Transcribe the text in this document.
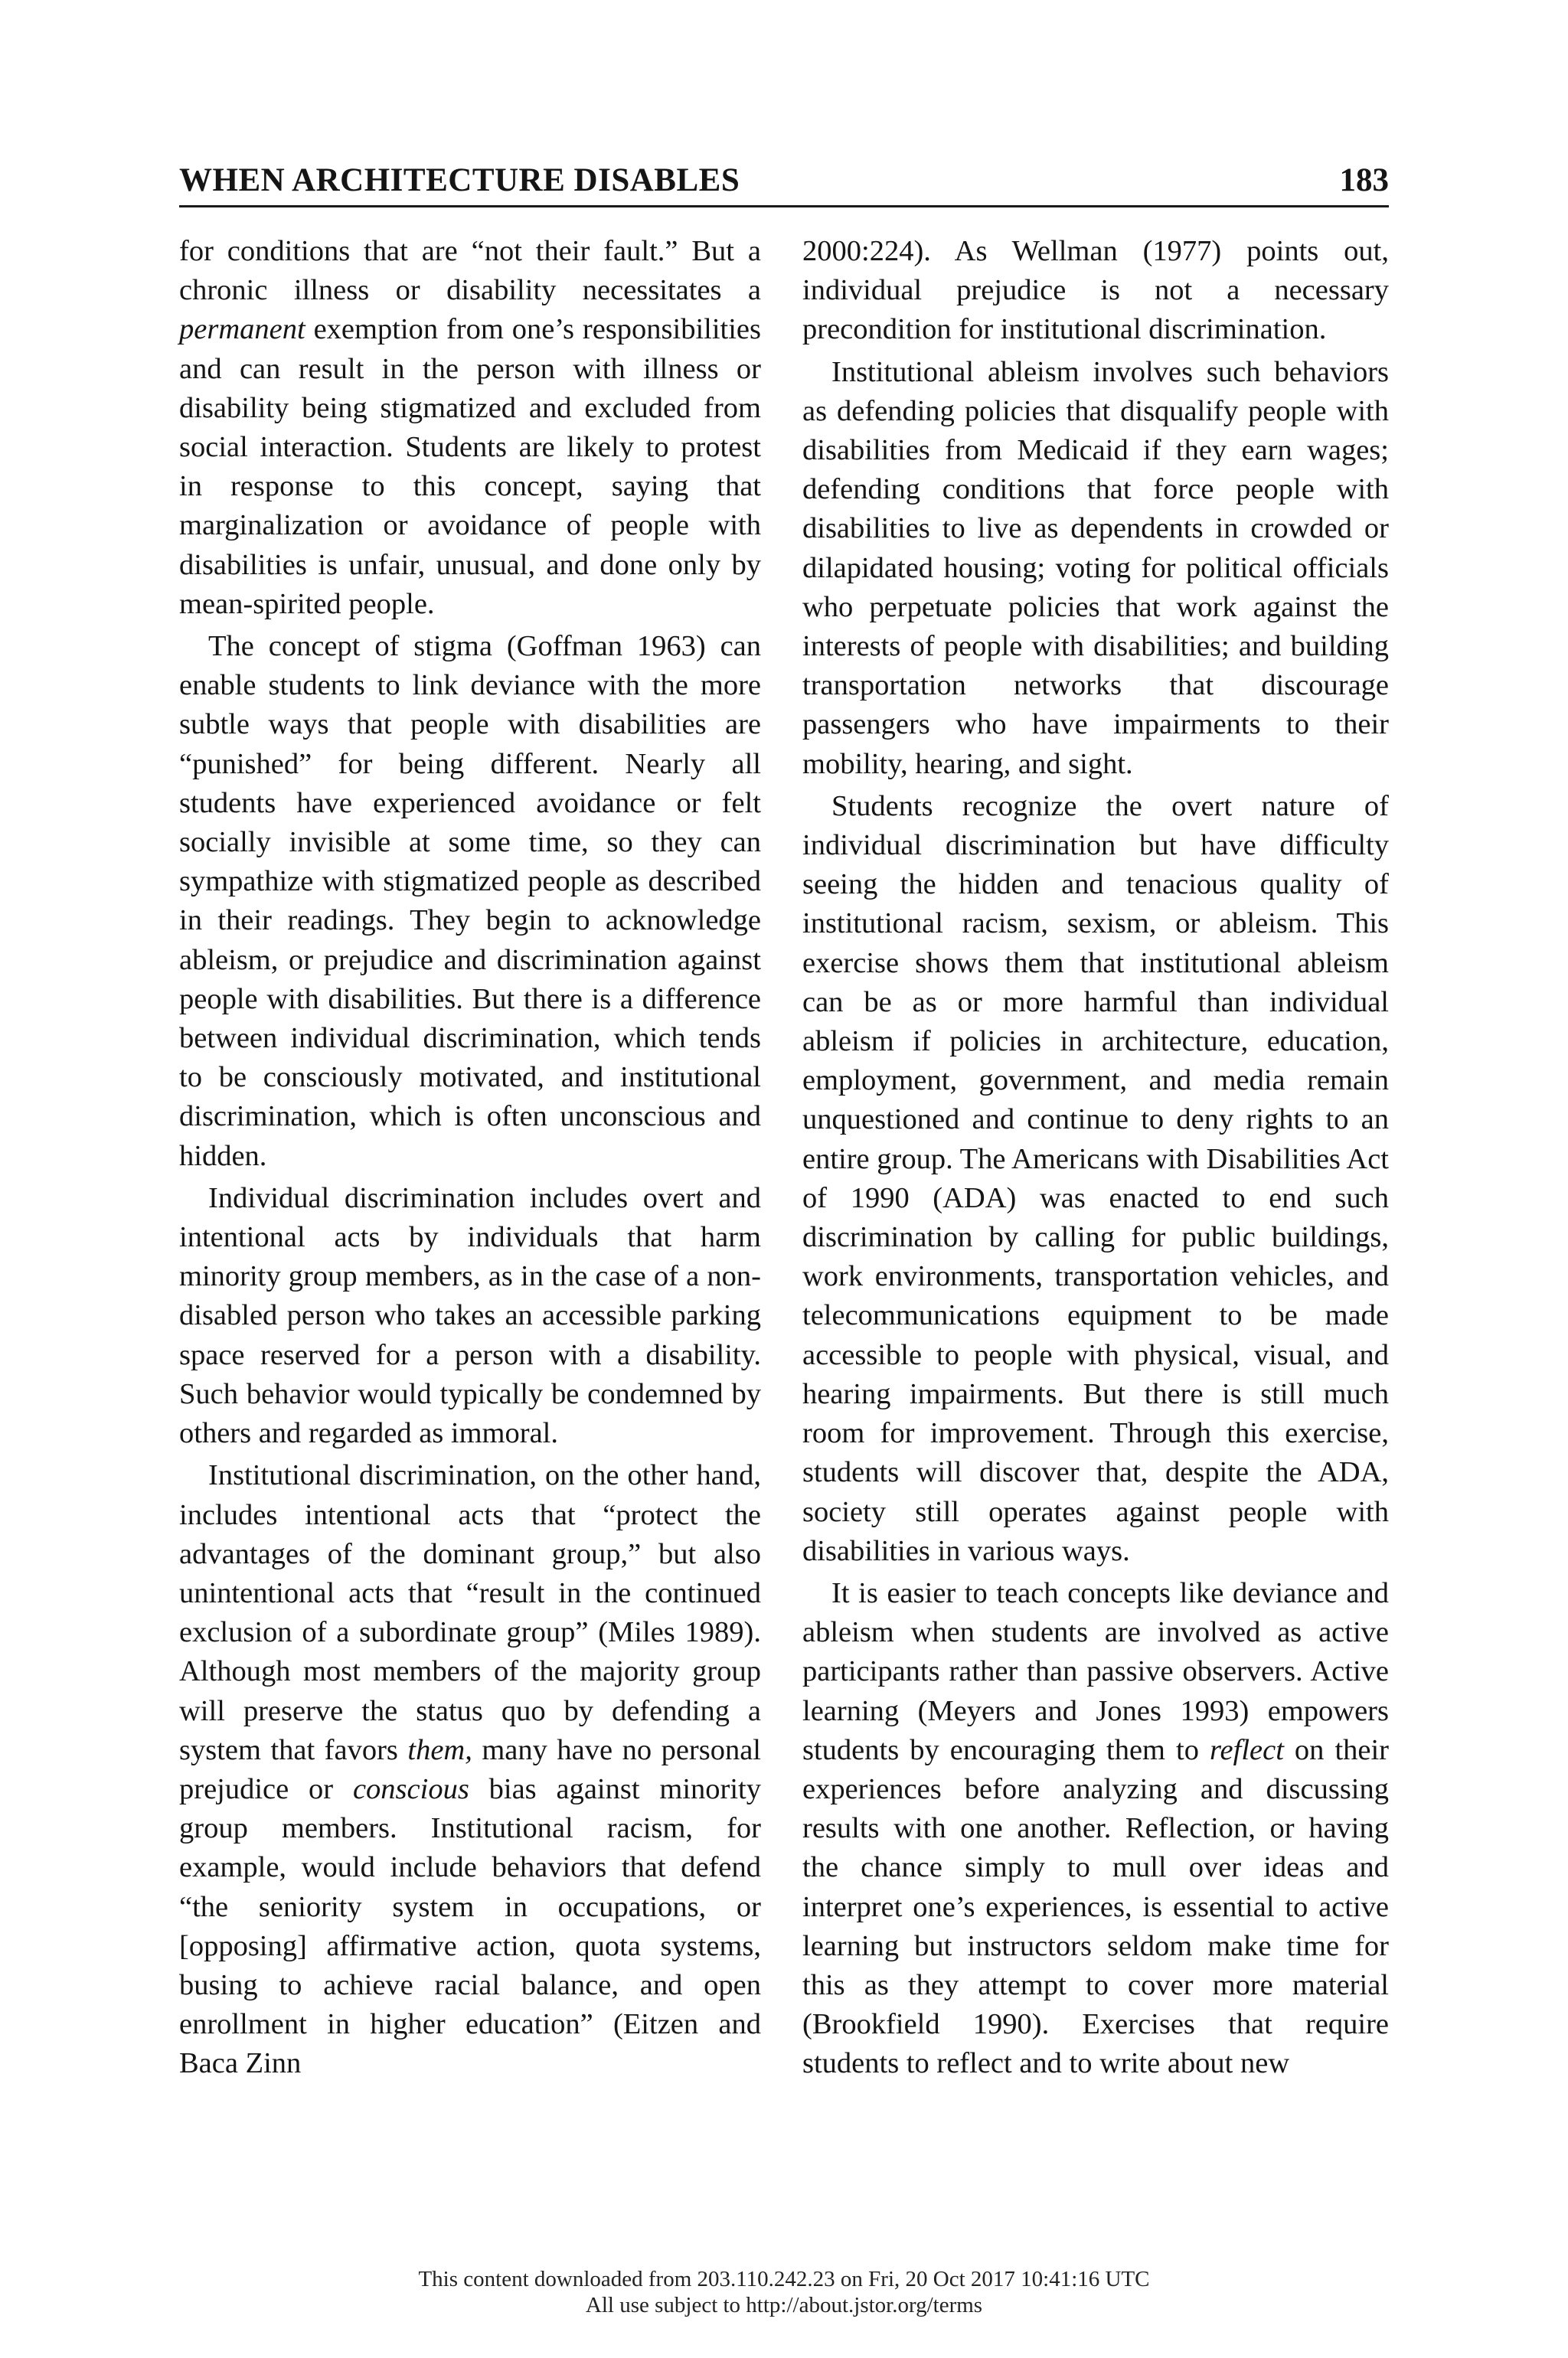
WHEN ARCHITECTURE DISABLES	183

for conditions that are “not their fault.” But a chronic illness or disability necessitates a permanent exemption from one’s responsibilities and can result in the person with illness or disability being stigmatized and excluded from social interaction. Students are likely to protest in response to this concept, saying that marginalization or avoidance of people with disabilities is unfair, unusual, and done only by mean-spirited people.

The concept of stigma (Goffman 1963) can enable students to link deviance with the more subtle ways that people with disabilities are “punished” for being different. Nearly all students have experienced avoidance or felt socially invisible at some time, so they can sympathize with stigmatized people as described in their readings. They begin to acknowledge ableism, or prejudice and discrimination against people with disabilities. But there is a difference between individual discrimination, which tends to be consciously motivated, and institutional discrimination, which is often unconscious and hidden.

Individual discrimination includes overt and intentional acts by individuals that harm minority group members, as in the case of a non-disabled person who takes an accessible parking space reserved for a person with a disability. Such behavior would typically be condemned by others and regarded as immoral.

Institutional discrimination, on the other hand, includes intentional acts that “protect the advantages of the dominant group,” but also unintentional acts that “result in the continued exclusion of a subordinate group” (Miles 1989). Although most members of the majority group will preserve the status quo by defending a system that favors them, many have no personal prejudice or conscious bias against minority group members. Institutional racism, for example, would include behaviors that defend “the seniority system in occupations, or [opposing] affirmative action, quota systems, busing to achieve racial balance, and open enrollment in higher education” (Eitzen and Baca Zinn

2000:224). As Wellman (1977) points out, individual prejudice is not a necessary precondition for institutional discrimination.

Institutional ableism involves such behaviors as defending policies that disqualify people with disabilities from Medicaid if they earn wages; defending conditions that force people with disabilities to live as dependents in crowded or dilapidated housing; voting for political officials who perpetuate policies that work against the interests of people with disabilities; and building transportation networks that discourage passengers who have impairments to their mobility, hearing, and sight.

Students recognize the overt nature of individual discrimination but have difficulty seeing the hidden and tenacious quality of institutional racism, sexism, or ableism. This exercise shows them that institutional ableism can be as or more harmful than individual ableism if policies in architecture, education, employment, government, and media remain unquestioned and continue to deny rights to an entire group. The Americans with Disabilities Act of 1990 (ADA) was enacted to end such discrimination by calling for public buildings, work environments, transportation vehicles, and telecommunications equipment to be made accessible to people with physical, visual, and hearing impairments. But there is still much room for improvement. Through this exercise, students will discover that, despite the ADA, society still operates against people with disabilities in various ways.

It is easier to teach concepts like deviance and ableism when students are involved as active participants rather than passive observers. Active learning (Meyers and Jones 1993) empowers students by encouraging them to reflect on their experiences before analyzing and discussing results with one another. Reflection, or having the chance simply to mull over ideas and interpret one’s experiences, is essential to active learning but instructors seldom make time for this as they attempt to cover more material (Brookfield 1990). Exercises that require students to reflect and to write about new

This content downloaded from 203.110.242.23 on Fri, 20 Oct 2017 10:41:16 UTC
All use subject to http://about.jstor.org/terms
